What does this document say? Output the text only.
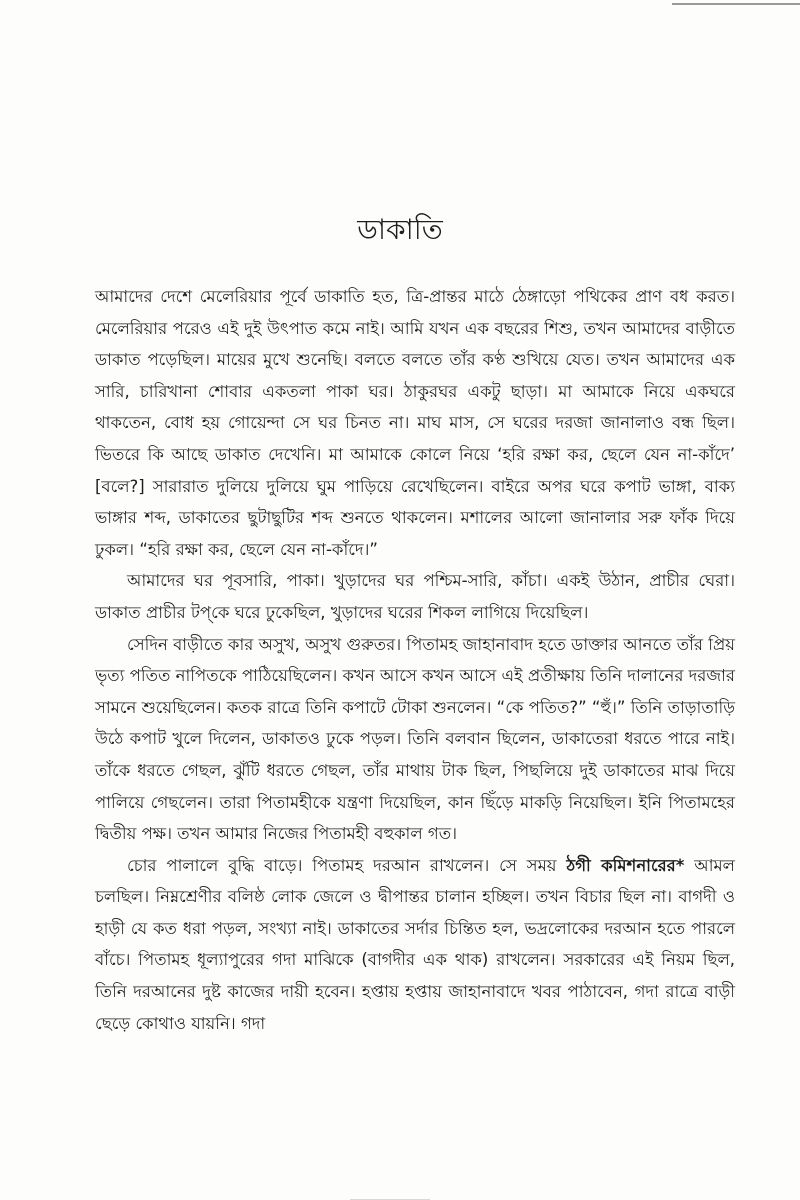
ডাকাতি

আমাদের দেশে মেলেরিয়ার পূর্বে ডাকাতি হত, ত্রি-প্রান্তর মাঠে ঠেঙ্গাড়ো পথিকের প্রাণ বধ করত। মেলেরিয়ার পরেও এই দুই উৎপাত কমে নাই। আমি যখন এক বছরের শিশু, তখন আমাদের বাড়ীতে ডাকাত পড়েছিল। মায়ের মুখে শুনেছি। বলতে বলতে তাঁর কণ্ঠ শুখিয়ে যেত। তখন আমাদের এক সারি, চারিখানা শোবার একতলা পাকা ঘর। ঠাকুরঘর একটু ছাড়া। মা আমাকে নিয়ে একঘরে থাকতেন, বোধ হয় গোয়েন্দা সে ঘর চিনত না। মাঘ মাস, সে ঘরের দরজা জানালাও বন্ধ ছিল। ভিতরে কি আছে ডাকাত দেখেনি। মা আমাকে কোলে নিয়ে ‘হরি রক্ষা কর, ছেলে যেন না-কাঁদে’ [বলে?] সারারাত দুলিয়ে দুলিয়ে ঘুম পাড়িয়ে রেখেছিলেন। বাইরে অপর ঘরে কপাট ভাঙ্গা, বাক্য ভাঙ্গার শব্দ, ডাকাতের ছুটাছুটির শব্দ শুনতে থাকলেন। মশালের আলো জানালার সরু ফাঁক দিয়ে ঢুকল। “হরি রক্ষা কর, ছেলে যেন না-কাঁদে।”

আমাদের ঘর পূবসারি, পাকা। খুড়াদের ঘর পশ্চিম-সারি, কাঁচা। একই উঠান, প্রাচীর ঘেরা। ডাকাত প্রাচীর টপ্‌কে ঘরে ঢুকেছিল, খুড়াদের ঘরের শিকল লাগিয়ে দিয়েছিল।

সেদিন বাড়ীতে কার অসুখ, অসুখ গুরুতর। পিতামহ জাহানাবাদ হতে ডাক্তার আনতে তাঁর প্রিয় ভৃত্য পতিত নাপিতকে পাঠিয়েছিলেন। কখন আসে কখন আসে এই প্রতীক্ষায় তিনি দালানের দরজার সামনে শুয়েছিলেন। কতক রাত্রে তিনি কপাটে টোকা শুনলেন। “কে পতিত?” “হুঁ।” তিনি তাড়াতাড়ি উঠে কপাট খুলে দিলেন, ডাকাতও ঢুকে পড়ল। তিনি বলবান ছিলেন, ডাকাতেরা ধরতে পারে নাই। তাঁকে ধরতে গেছল, ঝুঁটি ধরতে গেছল, তাঁর মাথায় টাক ছিল, পিছলিয়ে দুই ডাকাতের মাঝ দিয়ে পালিয়ে গেছলেন। তারা পিতামহীকে যন্ত্রণা দিয়েছিল, কান ছিঁড়ে মাকড়ি নিয়েছিল। ইনি পিতামহের দ্বিতীয় পক্ষ। তখন আমার নিজের পিতামহী বহুকাল গত।

চোর পালালে বুদ্ধি বাড়ে। পিতামহ দরআন রাখলেন। সে সময় ঠগী কমিশনারের* আমল চলছিল। নিম্নশ্রেণীর বলিষ্ঠ লোক জেলে ও দ্বীপান্তর চালান হচ্ছিল। তখন বিচার ছিল না। বাগদী ও হাড়ী যে কত ধরা পড়ল, সংখ্যা নাই। ডাকাতের সর্দার চিন্তিত হল, ভদ্রলোকের দরআন হতে পারলে বাঁচে। পিতামহ ধূল্যাপুরের গদা মাঝিকে (বাগদীর এক থাক) রাখলেন। সরকারের এই নিয়ম ছিল, তিনি দরআনের দুষ্ট কাজের দায়ী হবেন। হপ্তায় হপ্তায় জাহানাবাদে খবর পাঠাবেন, গদা রাত্রে বাড়ী ছেড়ে কোথাও যায়নি। গদা
